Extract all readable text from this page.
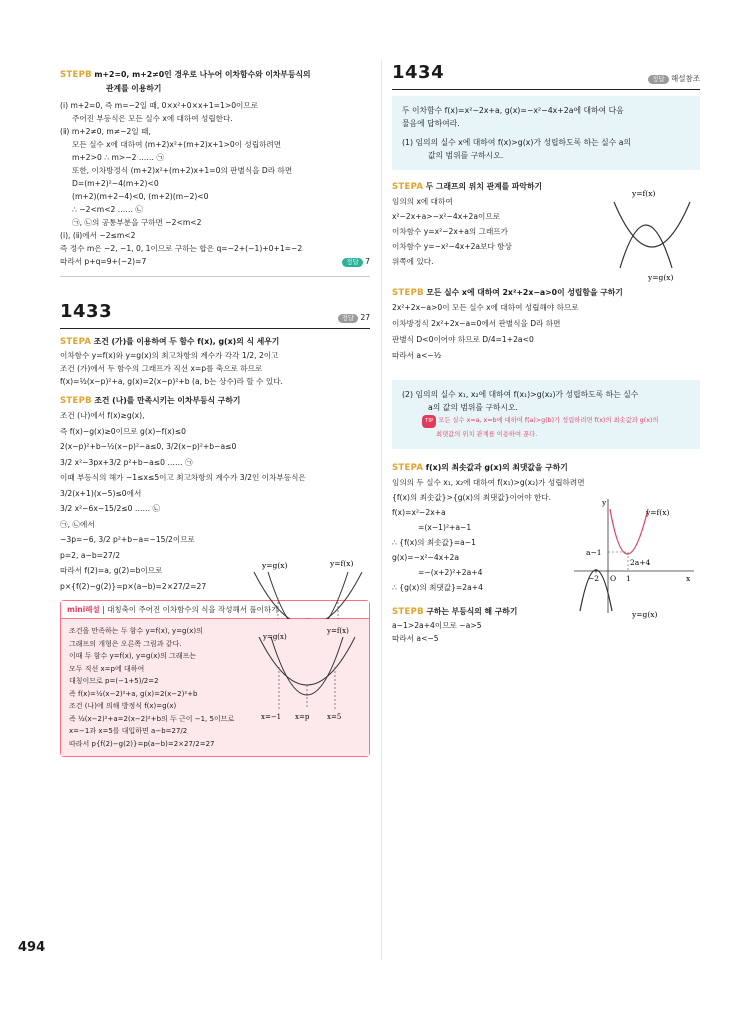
STEPB m+2=0, m+2≠0인 경우로 나누어 이차함수와 이차부등식의
관계를 이용하기
(ⅰ) m+2=0, 즉 m=−2일 때, 0×x²+0×x+1=1>0이므로
주어진 부등식은 모든 실수 x에 대하여 성립한다.
(ⅱ) m+2≠0, m≠−2일 때,
모든 실수 x에 대하여 (m+2)x²+(m+2)x+1>0이 성립하려면
m+2>0 ∴ m>−2 …… ㉠
또한, 이차방정식 (m+2)x²+(m+2)x+1=0의 판별식을 D라 하면
D=(m+2)²−4(m+2)<0
(m+2)(m+2−4)<0, (m+2)(m−2)<0
∴ −2<m<2 …… ㉡
㉠, ㉡의 공통부분을 구하면 −2<m<2
(ⅰ), (ⅱ)에서 −2≤m<2
즉 정수 m은 −2, −1, 0, 1이므로 구하는 합은 q=−2+(−1)+0+1=−2
따라서 p+q=9+(−2)=7	정답 7
1433	정답 27
STEPA 조건 (가)를 이용하여 두 함수 f(x), g(x)의 식 세우기
이차함수 y=f(x)와 y=g(x)의 최고차항의 계수가 각각 1/2, 2이고
조건 (가)에서 두 함수의 그래프가 직선 x=p를 축으로 하므로
f(x)=½(x−p)²+a, g(x)=2(x−p)²+b (a, b는 상수)라 할 수 있다.
STEPB 조건 (나)를 만족시키는 이차부등식 구하기
조건 (나)에서 f(x)≥g(x),
즉 f(x)−g(x)≥0이므로 g(x)−f(x)≤0
2(x−p)²+b−½(x−p)²−a≤0, 3/2(x−p)²+b−a≤0
3/2 x²−3px+3/2 p²+b−a≤0 …… ㉠
이때 부등식의 해가 −1≤x≤5이고 최고차항의 계수가 3/2인 이차부등식은
3/2(x+1)(x−5)≤0에서
3/2 x²−6x−15/2≤0 …… ㉡
㉠, ㉡에서
−3p=−6, 3/2 p²+b−a=−15/2이므로
p=2, a−b=27/2
따라서 f(2)=a, g(2)=b이므로
p×{f(2)−g(2)}=p×(a−b)=2×27/2=27
y=g(x)	y=f(x)
mini해설 | 대칭축이 주어진 이차함수의 식을 작성해서 풀이하기
조건을 만족하는 두 함수 y=f(x), y=g(x)의
그래프의 개형은 오른쪽 그림과 같다.
이때 두 함수 y=f(x), y=g(x)의 그래프는
모두 직선 x=p에 대하여
대칭이므로 p=(−1+5)/2=2
즉 f(x)=½(x−2)²+a, g(x)=2(x−2)²+b
조건 (나)에 의해 방정식 f(x)=g(x)
즉 ½(x−2)²+a=2(x−2)²+b의 두 근이 −1, 5이므로
x=−1과 x=5를 대입하면 a−b=27/2
따라서 p{f(2)−g(2)}=p(a−b)=2×27/2=27
y=g(x)
y=f(x)
x=−1 x=p	x=5
1434	정답 해설참조
두 이차함수 f(x)=x²−2x+a, g(x)=−x²−4x+2a에 대하여 다음
물음에 답하여라.
(1) 임의의 실수 x에 대하여 f(x)>g(x)가 성립하도록 하는 실수 a의
값의 범위를 구하시오.
STEPA 두 그래프의 위치 관계를 파악하기
임의의 x에 대하여
x²−2x+a>−x²−4x+2a이므로
이차함수 y=x²−2x+a의 그래프가
이차함수 y=−x²−4x+2a보다 항상
위쪽에 있다.
y=f(x)
y=g(x)
STEPB 모든 실수 x에 대하여 2x²+2x−a>0이 성립함을 구하기
2x²+2x−a>0이 모든 실수 x에 대하여 성립해야 하므로
이차방정식 2x²+2x−a=0에서 판별식을 D라 하면
판별식 D<0이어야 하므로 D/4=1+2a<0
따라서 a<−½
(2) 임의의 실수 x₁, x₂에 대하여 f(x₁)>g(x₂)가 성립하도록 하는 실수
a의 값의 범위를 구하시오.
TIP 모든 실수 x=a, x=b에 대하여 f(a)>g(b)가 성립하려면 f(x)의 최솟값과 g(x)의
최댓값의 위치 관계를 이용하여 푼다.
STEPA f(x)의 최솟값과 g(x)의 최댓값을 구하기
임의의 두 실수 x₁, x₂에 대하여 f(x₁)>g(x₂)가 성립하려면
{f(x)의 최솟값}>{g(x)의 최댓값}이어야 한다.
f(x)=x²−2x+a
=(x−1)²+a−1
∴ {f(x)의 최솟값}=a−1
g(x)=−x²−4x+2a
=−(x+2)²+2a+4
∴ {g(x)의 최댓값}=2a+4
y
y=f(x)
y=g(x)
a−1
2a+4
−2 O 1	x
STEPB 구하는 부등식의 해 구하기
a−1>2a+4이므로 −a>5
따라서 a<−5
494
